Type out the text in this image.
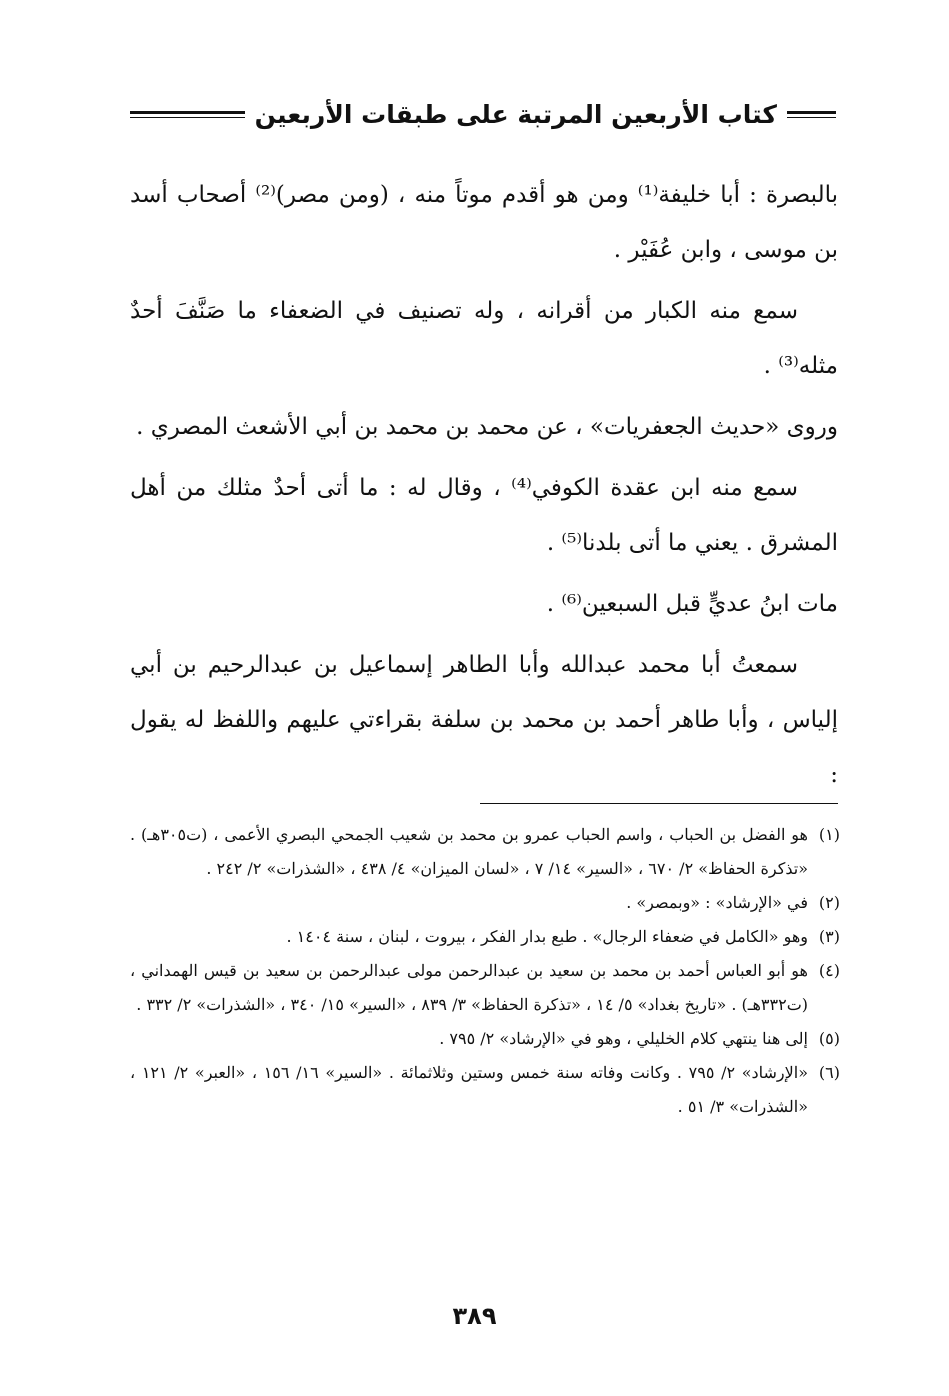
كتاب الأربعين المرتبة على طبقات الأربعين

بالبصرة : أبا خليفة⁽¹⁾ ومن هو أقدم موتاً منه ، (ومن مصر)⁽²⁾ أصحاب أسد بن موسى ، وابن عُفَيْر .

سمع منه الكبار من أقرانه ، وله تصنيف في الضعفاء ما صَنَّفَ أحدٌ مثله⁽³⁾ .

وروى «حديث الجعفريات» ، عن محمد بن محمد بن أبي الأشعث المصري .

سمع منه ابن عقدة الكوفي⁽⁴⁾ ، وقال له : ما أتى أحدٌ مثلك من أهل المشرق . يعني ما أتى بلدنا⁽⁵⁾ .

مات ابنُ عديٍّ قبل السبعين⁽⁶⁾ .

سمعتُ أبا محمد عبدالله وأبا الطاهر إسماعيل بن عبدالرحيم بن أبي إلياس ، وأبا طاهر أحمد بن محمد بن سلفة بقراءتي عليهم واللفظ له يقول :

(١)
هو الفضل بن الحباب ، واسم الحباب عمرو بن محمد بن شعيب الجمحي البصري الأعمى ، (ت٣٠٥هـ) . «تذكرة الحفاظ» ٢/ ٦٧٠ ، «السير» ١٤/ ٧ ، «لسان الميزان» ٤/ ٤٣٨ ، «الشذرات» ٢/ ٢٤٢ .
(٢)
في «الإرشاد» : «وبمصر» .
(٣)
وهو «الكامل في ضعفاء الرجال» . طبع بدار الفكر ، بيروت ، لبنان ، سنة ١٤٠٤ .
(٤)
هو أبو العباس أحمد بن محمد بن سعيد بن عبدالرحمن مولى عبدالرحمن بن سعيد بن قيس الهمداني ، (ت٣٣٢هـ) . «تاريخ بغداد» ٥/ ١٤ ، «تذكرة الحفاظ» ٣/ ٨٣٩ ، «السير» ١٥/ ٣٤٠ ، «الشذرات» ٢/ ٣٣٢ .
(٥)
إلى هنا ينتهي كلام الخليلي ، وهو في «الإرشاد» ٢/ ٧٩٥ .
(٦)
«الإرشاد» ٢/ ٧٩٥ . وكانت وفاته سنة خمس وستين وثلاثمائة . «السير» ١٦/ ١٥٦ ، «العبر» ٢/ ١٢١ ، «الشذرات» ٣/ ٥١ .
٣٨٩
